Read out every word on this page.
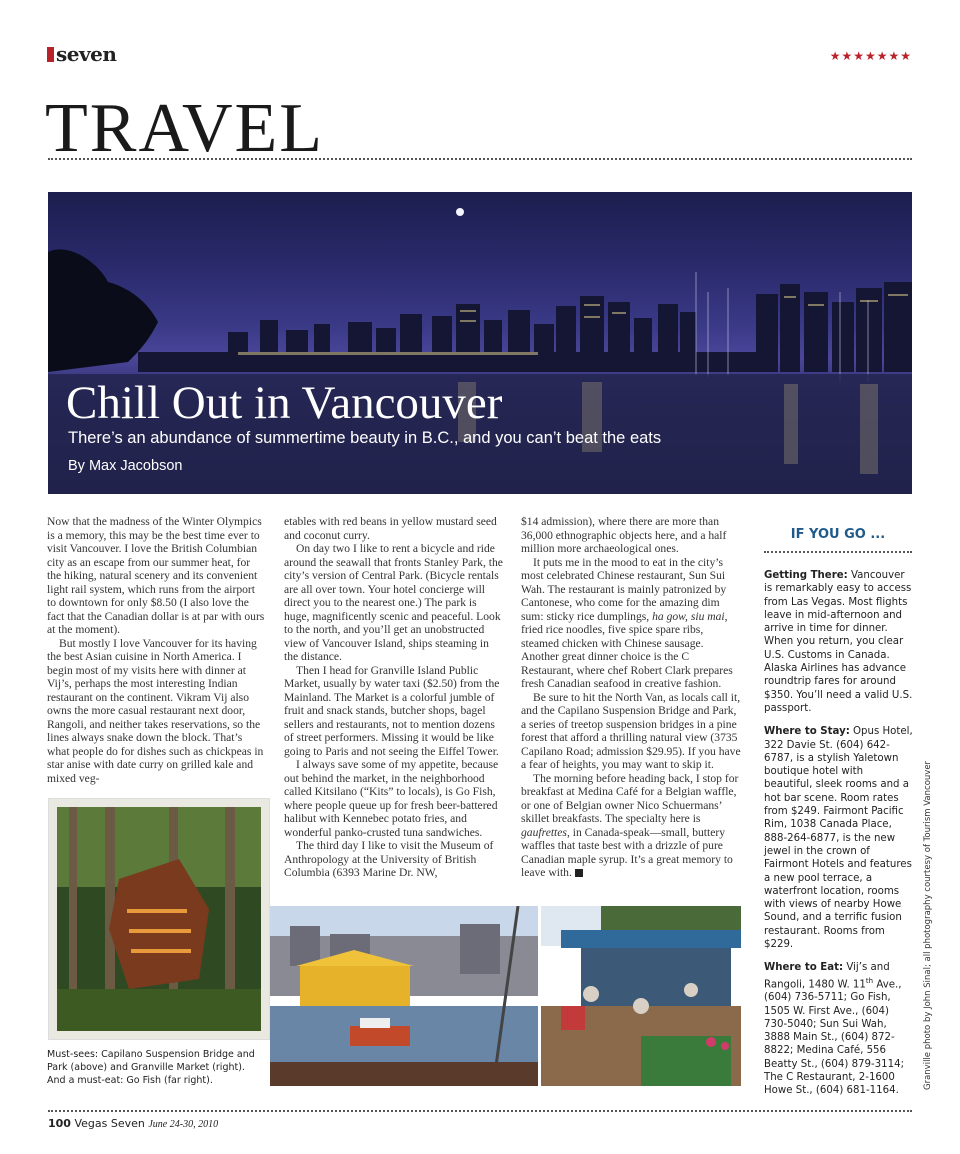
seven	★★★★★★★
TRAVEL
Chill Out in Vancouver
There’s an abundance of summertime beauty in B.C., and you can’t beat the eats
By Max Jacobson

Now that the madness of the Winter Olympics is a memory, this may be the best time ever to visit Vancouver. I love the British Columbian city as an escape from our summer heat, for the hiking, natural scenery and its convenient light rail system, which runs from the airport to downtown for only $8.50 (I also love the fact that the Canadian dollar is at par with ours at the moment).

But mostly I love Vancouver for its having the best Asian cuisine in North America. I begin most of my visits here with dinner at Vij’s, perhaps the most interesting Indian restaurant on the continent. Vikram Vij also owns the more casual restaurant next door, Rangoli, and neither takes reservations, so the lines always snake down the block. That’s what people do for dishes such as chickpeas in star anise with date curry on grilled kale and mixed veg-

etables with red beans in yellow mustard seed and coconut curry.

On day two I like to rent a bicycle and ride around the seawall that fronts Stanley Park, the city’s version of Central Park. (Bicycle rentals are all over town. Your hotel concierge will direct you to the nearest one.) The park is huge, magnificently scenic and peaceful. Look to the north, and you’ll get an unobstructed view of Vancouver Island, ships steaming in the distance.

Then I head for Granville Island Public Market, usually by water taxi ($2.50) from the Mainland. The Market is a colorful jumble of fruit and snack stands, butcher shops, bagel sellers and restaurants, not to mention dozens of street performers. Missing it would be like going to Paris and not seeing the Eiffel Tower.

I always save some of my appetite, because out behind the market, in the neighborhood called Kitsilano (“Kits” to locals), is Go Fish, where people queue up for fresh beer-battered halibut with Kennebec potato fries, and wonderful panko-crusted tuna sandwiches.

The third day I like to visit the Museum of Anthropology at the University of British Columbia (6393 Marine Dr. NW,

$14 admission), where there are more than 36,000 ethnographic objects here, and a half million more archaeological ones.

It puts me in the mood to eat in the city’s most celebrated Chinese restaurant, Sun Sui Wah. The restaurant is mainly patronized by Cantonese, who come for the amazing dim sum: sticky rice dumplings, ha gow, siu mai, fried rice noodles, five spice spare ribs, steamed chicken with Chinese sausage. Another great dinner choice is the C Restaurant, where chef Robert Clark prepares fresh Canadian seafood in creative fashion.

Be sure to hit the North Van, as locals call it, and the Capilano Suspension Bridge and Park, a series of treetop suspension bridges in a pine forest that afford a thrilling natural view (3735 Capilano Road; admission $29.95). If you have a fear of heights, you may want to skip it.

The morning before heading back, I stop for breakfast at Medina Café for a Belgian waffle, or one of Belgian owner Nico Schuermans’ skillet breakfasts. The specialty here is gaufrettes, in Canada-speak—small, buttery waffles that taste best with a drizzle of pure Canadian maple syrup. It’s a great memory to leave with.

IF YOU GO ...

Getting There: Vancouver is remarkably easy to access from Las Vegas. Most flights leave in mid-afternoon and arrive in time for dinner. When you return, you clear U.S. Customs in Canada. Alaska Airlines has advance roundtrip fares for around $350. You’ll need a valid U.S. passport.

Where to Stay: Opus Hotel, 322 Davie St. (604) 642-6787, is a stylish Yaletown boutique hotel with beautiful, sleek rooms and a hot bar scene. Room rates from $249. Fairmont Pacific Rim, 1038 Canada Place, 888-264-6877, is the new jewel in the crown of Fairmont Hotels and features a new pool terrace, a waterfront location, rooms with views of nearby Howe Sound, and a terrific fusion restaurant. Rooms from $229.

Where to Eat: Vij’s and Rangoli, 1480 W. 11th Ave., (604) 736-5711; Go Fish, 1505 W. First Ave., (604) 730-5040; Sun Sui Wah, 3888 Main St., (604) 872-8822; Medina Café, 556 Beatty St., (604) 879-3114; The C Restaurant, 2-1600 Howe St., (604) 681-1164.

Granville photo by John Sinal; all photography courtesy of Tourism Vancouver
Must-sees: Capilano Suspension Bridge and Park (above) and Granville Market (right). And a must-eat: Go Fish (far right).
100 Vegas Seven June 24-30, 2010
